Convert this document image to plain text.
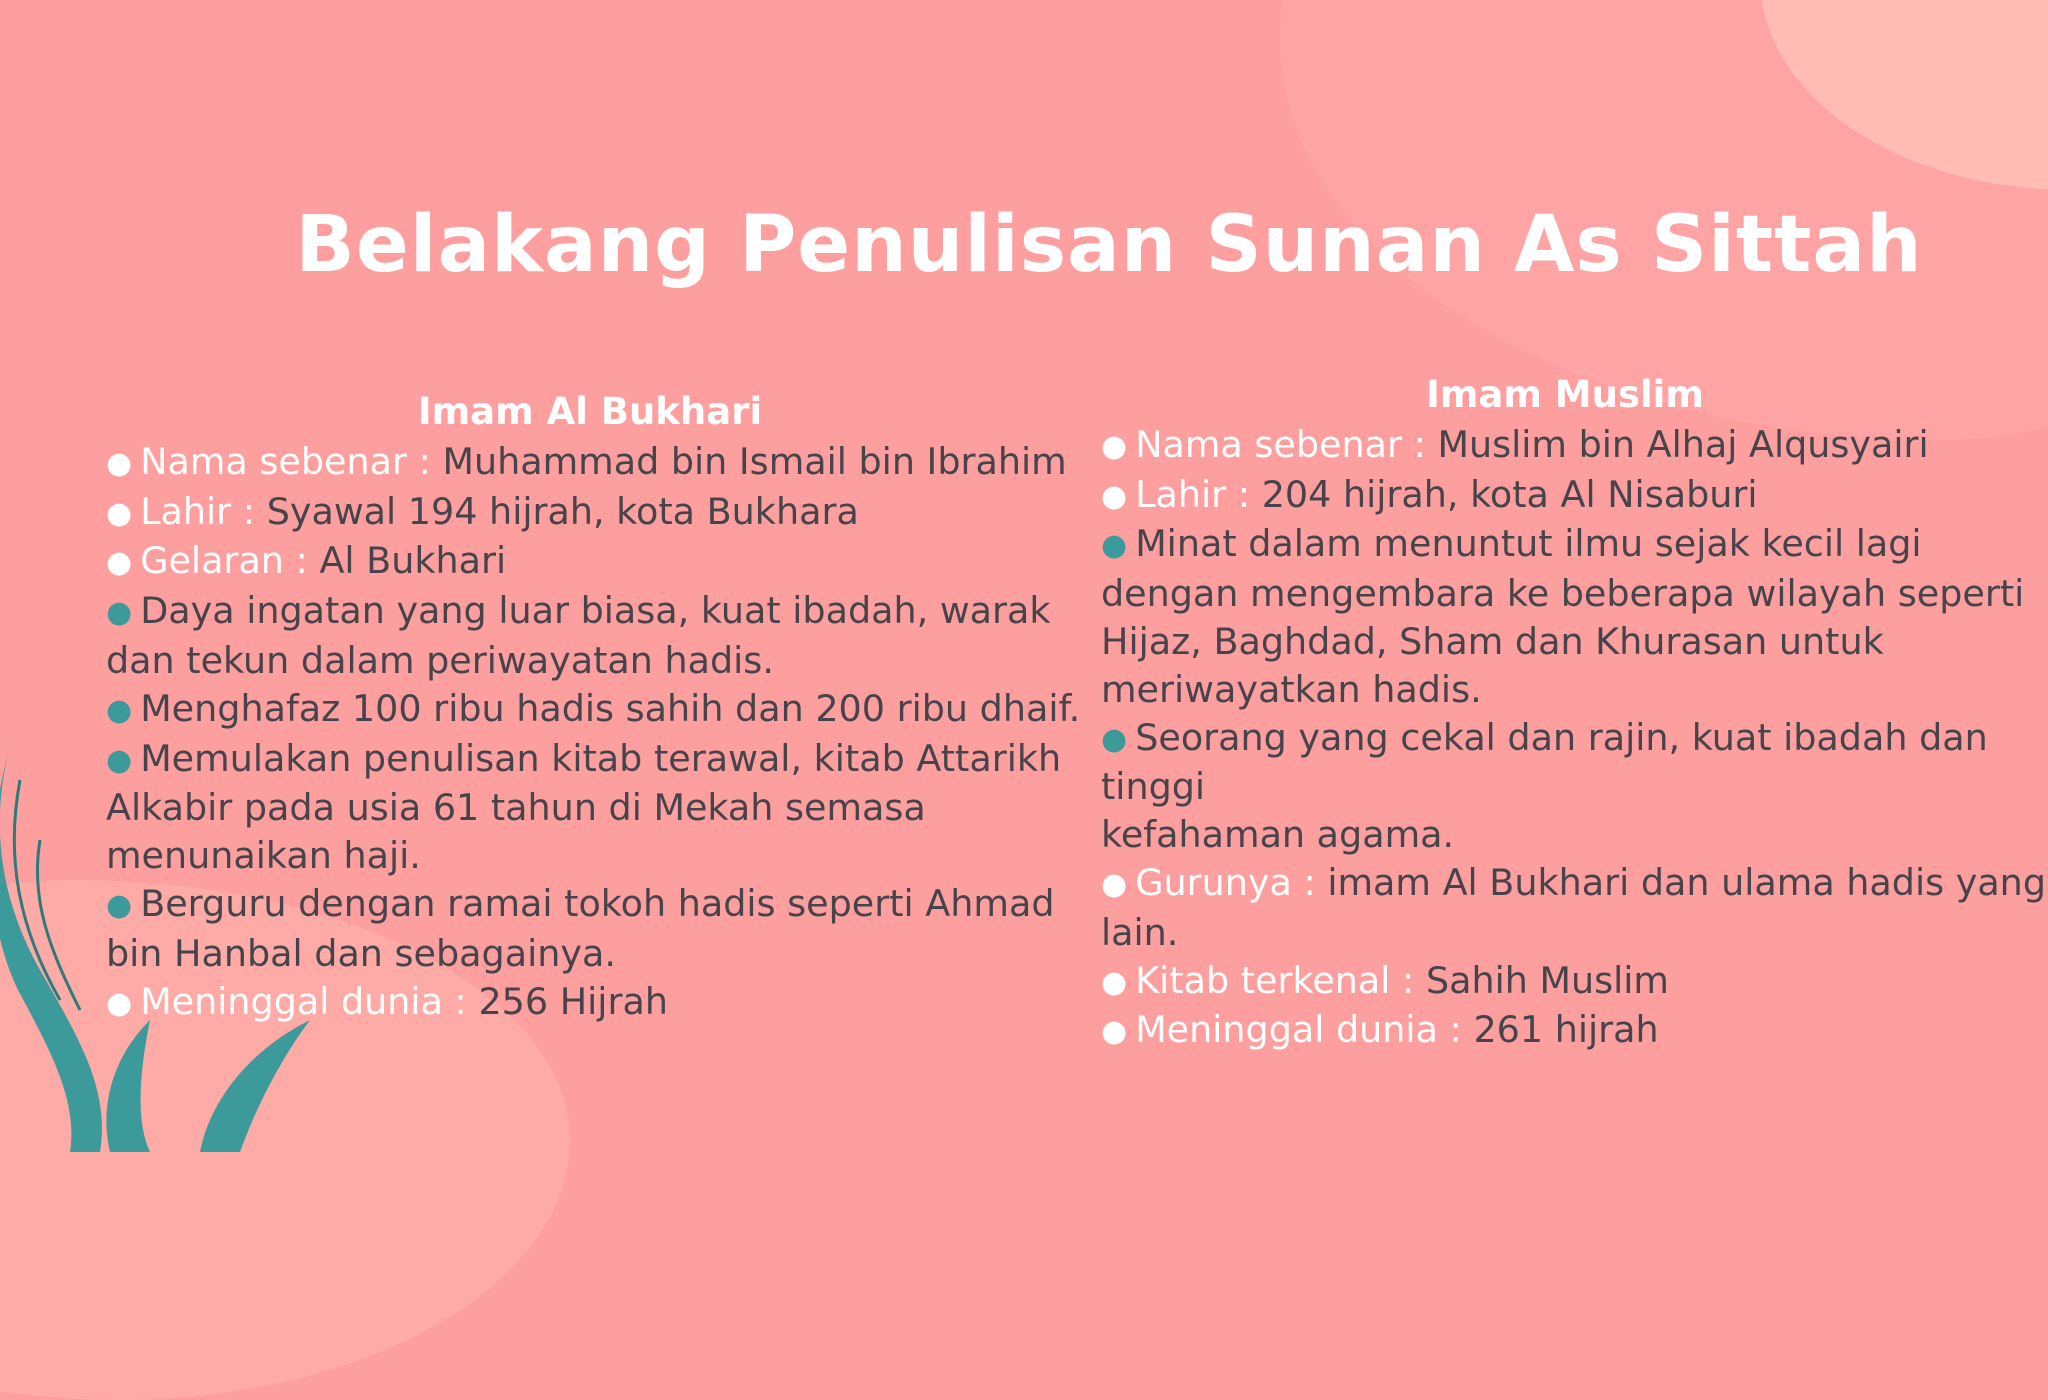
Belakang Penulisan Sunan As Sittah
Imam Al Bukhari
● Nama sebenar : Muhammad bin Ismail bin Ibrahim
● Lahir : Syawal 194 hijrah, kota Bukhara
● Gelaran : Al Bukhari
● Daya ingatan yang luar biasa, kuat ibadah, warak dan tekun dalam periwayatan hadis.
● Menghafaz 100 ribu hadis sahih dan 200 ribu dhaif.
● Memulakan penulisan kitab terawal, kitab Attarikh Alkabir pada usia 61 tahun di Mekah semasa menunaikan haji.
● Berguru dengan ramai tokoh hadis seperti Ahmad bin Hanbal dan sebagainya.
● Meninggal dunia : 256 Hijrah
Imam Muslim
● Nama sebenar : Muslim bin Alhaj Alqusyairi
● Lahir : 204 hijrah, kota Al Nisaburi
● Minat dalam menuntut ilmu sejak kecil lagi dengan mengembara ke beberapa wilayah seperti Hijaz, Baghdad, Sham dan Khurasan untuk meriwayatkan hadis.
● Seorang yang cekal dan rajin, kuat ibadah dan tinggi
kefahaman agama.
● Gurunya : imam Al Bukhari dan ulama hadis yang lain.
● Kitab terkenal : Sahih Muslim
● Meninggal dunia : 261 hijrah
